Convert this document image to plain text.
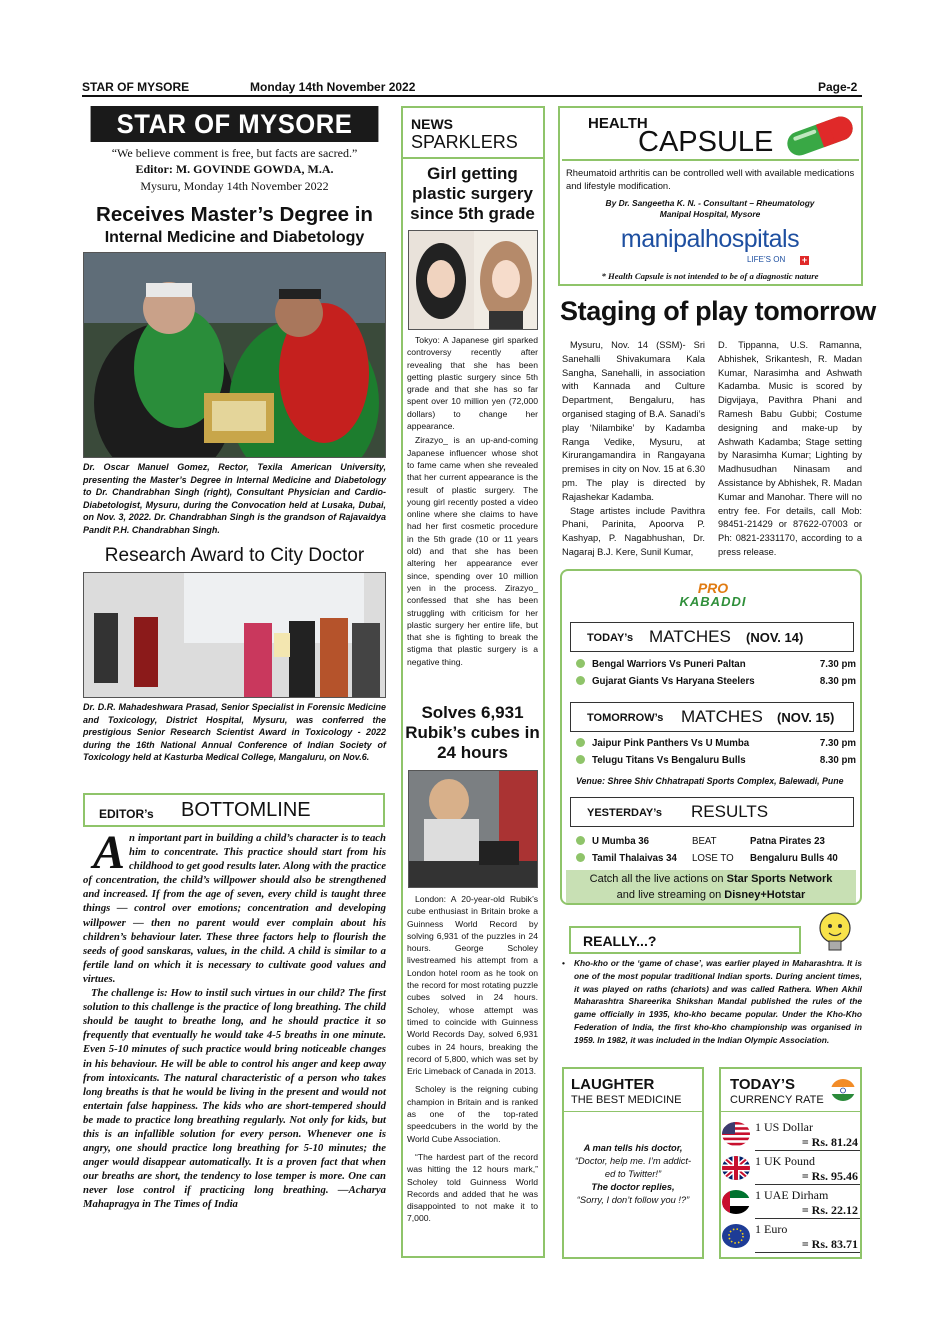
STAR OF MYSORE	Monday 14th November 2022	Page-2
STAR OF MYSORE
“We believe comment is free, but facts are sacred.”
Editor: M. GOVINDE GOWDA, M.A.
Mysuru, Monday 14th November 2022
Receives Master’s Degree in
Internal Medicine and Diabetology
Dr. Oscar Manuel Gomez, Rector, Texila American University, presenting the Master’s Degree in Internal Medicine and Diabetology to Dr. Chandrabhan Singh (right), Consultant Physician and Cardio-Diabetologist, Mysuru, during the Convocation held at Lusaka, Dubai, on Nov. 3, 2022. Dr. Chandrabhan Singh is the grandson of Rajavaidya Pandit P.H. Chandrabhan Singh.
Research Award to City Doctor
Dr. D.R. Mahadeshwara Prasad, Senior Specialist in Forensic Medicine and Toxicology, District Hospital, Mysuru, was conferred the prestigious Senior Research Scientist Award in Toxicology - 2022 during the 16th National Annual Conference of Indian Society of Toxicology held at Kasturba Medical College, Mangaluru, on Nov.6.
EDITOR’s BOTTOMLINE
A n important part in building a child’s character is to teach him to concentrate. This practice should start from his childhood to get good results later. Along with the practice of concentration, the child’s willpower should also be strengthened and increased. If from the age of seven, every child is taught three things — control over emotions; concentration and developing willpower — then no parent would ever complain about his children’s behaviour later. These three factors help to flourish the seeds of good sanskaras, values, in the child. A child is similar to a fertile land on which it is necessary to cultivate good values and virtues.

The challenge is: How to instil such virtues in our child? The first solution to this challenge is the practice of long breathing. The child should be taught to breathe long, and he should practice it so frequently that eventually he would take 4-5 breaths in one minute. Even 5-10 minutes of such practice would bring noticeable changes in his behaviour. He will be able to control his anger and keep away from intoxicants. The natural characteristic of a person who takes long breaths is that he would be living in the present and would not entertain false happiness. The kids who are short-tempered should be made to practice long breathing regularly. Not only for kids, but this is an infallible solution for every person. Whenever one is angry, one should practice long breathing for 5-10 minutes; the anger would disappear automatically. It is a proven fact that when our breaths are short, the tendency to lose temper is more. One can never lose control if practicing long breathing. —Acharya Mahapragya in The Times of India

NEWS
SPARKLERS
Girl getting plastic surgery since 5th grade

Tokyo: A Japanese girl sparked controversy recently after revealing that she has been getting plastic surgery since 5th grade and that she has so far spent over 10 million yen (72,000 dollars) to change her appearance.

Zirazyo_ is an up-and-coming Japanese influencer whose shot to fame came when she revealed that her current appearance is the result of plastic surgery. The young girl recently posted a video online where she claims to have had her first cosmetic procedure in the 5th grade (10 or 11 years old) and that she has been altering her appearance ever since, spending over 10 million yen in the process. Zirazyo_ confessed that she has been struggling with criticism for her plastic surgery her entire life, but that she is fighting to break the stigma that plastic surgery is a negative thing.

Solves 6,931 Rubik’s cubes in 24 hours

London: A 20-year-old Rubik’s cube enthusiast in Britain broke a Guinness World Record by solving 6,931 of the puzzles in 24 hours. George Scholey livestreamed his attempt from a London hotel room as he took on the record for most rotating puzzle cubes solved in 24 hours. Scholey, whose attempt was timed to coincide with Guinness World Records Day, solved 6,931 cubes in 24 hours, breaking the record of 5,800, which was set by Eric Limeback of Canada in 2013.

Scholey is the reigning cubing champion in Britain and is ranked as one of the top-rated speedcubers in the world by the World Cube Association.

“The hardest part of the record was hitting the 12 hours mark,” Scholey told Guinness World Records and added that he was disappointed to not make it to 7,000.

HEALTH
CAPSULE
Rheumatoid arthritis can be controlled well with available medications and lifestyle modification.
By Dr. Sangeetha K. N. - Consultant – Rheumatology
Manipal Hospital, Mysore
manipalhospitals
LIFE’S ON +
* Health Capsule is not intended to be of a diagnostic nature
Staging of play tomorrow

Mysuru, Nov. 14 (SSM)- Sri Sanehalli Shivakumara Kala Sangha, Sanehalli, in association with Kannada and Culture Department, Bengaluru, has organised staging of B.A. Sanadi’s play ‘Nilambike’ by Kadamba Ranga Vedike, Mysuru, at Kirurangamandira in Rangayana premises in city on Nov. 15 at 6.30 pm. The play is directed by Rajashekar Kadamba.

Stage artistes include Pavithra Phani, Parinita, Apoorva P. Kashyap, P. Nagabhushan, Dr. Nagaraj B.J. Kere, Sunil Kumar,

D. Tippanna, U.S. Ramanna, Abhishek, Srikantesh, R. Madan Kumar, Narasimha and Ashwath Kadamba. Music is scored by Digvijaya, Pavithra Phani and Ramesh Babu Gubbi; Costume designing and make-up by Ashwath Kadamba; Stage setting by Narasimha Kumar; Lighting by Madhusudhan Ninasam and Assistance by Abhishek, R. Madan Kumar and Manohar. There will no entry fee. For details, call Mob: 98451-21429 or 87622-07003 or Ph: 0821-2331170, according to a press release.

PRO
KABADDI
TODAY’s MATCHES (NOV. 14)
Bengal Warriors Vs Puneri Paltan	7.30 pm
Gujarat Giants Vs Haryana Steelers	8.30 pm
TOMORROW’s MATCHES (NOV. 15)
Jaipur Pink Panthers Vs U Mumba	7.30 pm
Telugu Titans Vs Bengaluru Bulls	8.30 pm
Venue: Shree Shiv Chhatrapati Sports Complex, Balewadi, Pune
YESTERDAY’s RESULTS
U Mumba 36	BEAT	Patna Pirates 23
Tamil Thalaivas 34 LOSE TO Bengaluru Bulls 40
Catch all the live actions on Star Sports Network
and live streaming on Disney+Hotstar
REALLY...?
• Kho-kho or the ‘game of chase’, was earlier played in Maharashtra. It is one of the most popular traditional Indian sports. During ancient times, it was played on raths (chariots) and was called Rathera. When Akhil Maharashtra Shareerika Shikshan Mandal published the rules of the game officially in 1935, kho-kho became popular. Under the Kho-Kho Federation of India, the first kho-kho championship was organised in 1959. In 1982, it was included in the Indian Olympic Association.
LAUGHTER
THE BEST MEDICINE
A man tells his doctor,
“Doctor, help me. I’m addict-
ed to Twitter!”
The doctor replies,
“Sorry, I don’t follow you !?”
TODAY’S
CURRENCY RATE
1 US Dollar
= Rs. 81.24
1 UK Pound
= Rs. 95.46
1 UAE Dirham
= Rs. 22.12
1 Euro
= Rs. 83.71
